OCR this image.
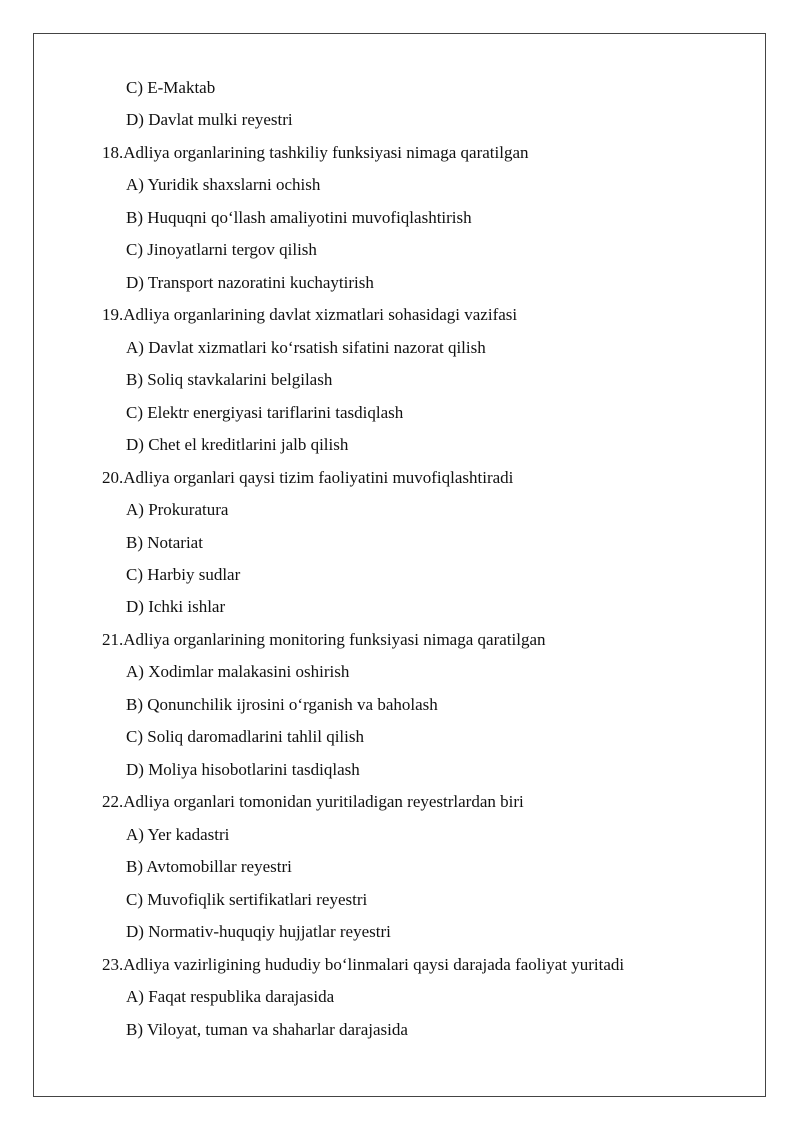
C) E-Maktab
D) Davlat mulki reyestri
18.Adliya organlarining tashkiliy funksiyasi nimaga qaratilgan
A) Yuridik shaxslarni ochish
B) Huquqni qo‘llash amaliyotini muvofiqlashtirish
C) Jinoyatlarni tergov qilish
D) Transport nazoratini kuchaytirish
19.Adliya organlarining davlat xizmatlari sohasidagi vazifasi
A) Davlat xizmatlari ko‘rsatish sifatini nazorat qilish
B) Soliq stavkalarini belgilash
C) Elektr energiyasi tariflarini tasdiqlash
D) Chet el kreditlarini jalb qilish
20.Adliya organlari qaysi tizim faoliyatini muvofiqlashtiradi
A) Prokuratura
B) Notariat
C) Harbiy sudlar
D) Ichki ishlar
21.Adliya organlarining monitoring funksiyasi nimaga qaratilgan
A) Xodimlar malakasini oshirish
B) Qonunchilik ijrosini o‘rganish va baholash
C) Soliq daromadlarini tahlil qilish
D) Moliya hisobotlarini tasdiqlash
22.Adliya organlari tomonidan yuritiladigan reyestrlardan biri
A) Yer kadastri
B) Avtomobillar reyestri
C) Muvofiqlik sertifikatlari reyestri
D) Normativ-huquqiy hujjatlar reyestri
23.Adliya vazirligining hududiy bo‘linmalari qaysi darajada faoliyat yuritadi
A) Faqat respublika darajasida
B) Viloyat, tuman va shaharlar darajasida
